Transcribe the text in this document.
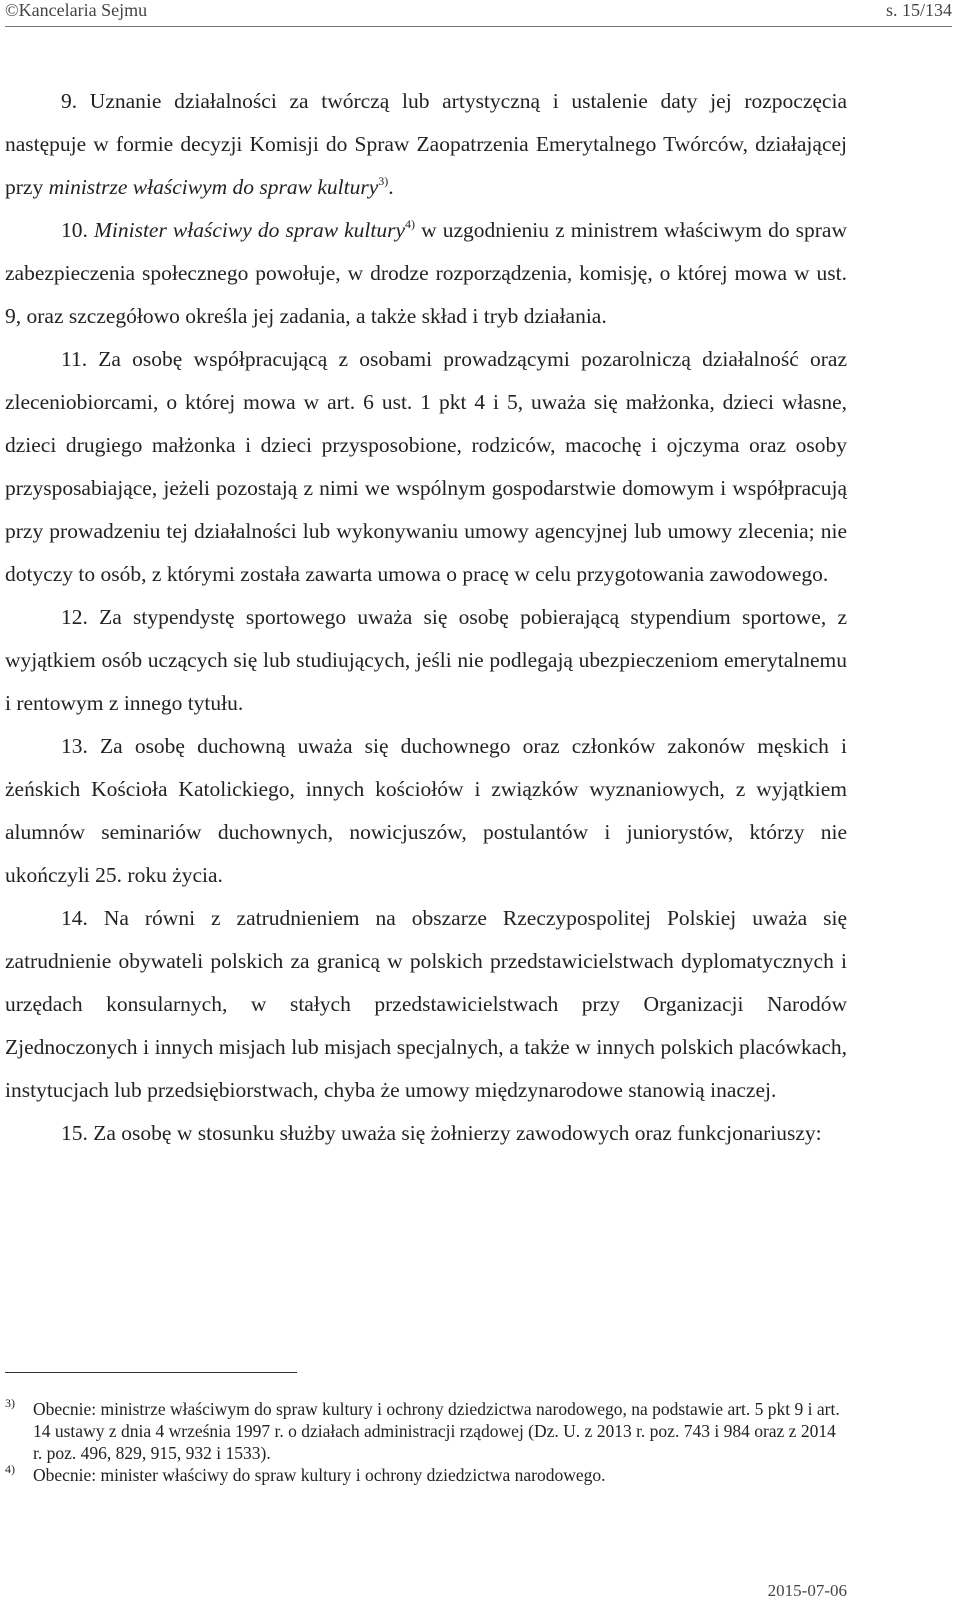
©Kancelaria Sejmu	s. 15/134

9. Uznanie działalności za twórczą lub artystyczną i ustalenie daty jej rozpoczęcia następuje w formie decyzji Komisji do Spraw Zaopatrzenia Emerytalnego Twórców, działającej przy ministrze właściwym do spraw kultury$^{3)}$.

10. Minister właściwy do spraw kultury$^{4)}$ w uzgodnieniu z ministrem właściwym do spraw zabezpieczenia społecznego powołuje, w drodze rozporządzenia, komisję, o której mowa w ust. 9, oraz szczegółowo określa jej zadania, a także skład i tryb działania.

11. Za osobę współpracującą z osobami prowadzącymi pozarolniczą działalność oraz zleceniobiorcami, o której mowa w art. 6 ust. 1 pkt 4 i 5, uważa się małżonka, dzieci własne, dzieci drugiego małżonka i dzieci przysposobione, rodziców, macochę i ojczyma oraz osoby przysposabiające, jeżeli pozostają z nimi we wspólnym gospodarstwie domowym i współpracują przy prowadzeniu tej działalności lub wykonywaniu umowy agencyjnej lub umowy zlecenia; nie dotyczy to osób, z którymi została zawarta umowa o pracę w celu przygotowania zawodowego.

12. Za stypendystę sportowego uważa się osobę pobierającą stypendium sportowe, z wyjątkiem osób uczących się lub studiujących, jeśli nie podlegają ubezpieczeniom emerytalnemu i rentowym z innego tytułu.

13. Za osobę duchowną uważa się duchownego oraz członków zakonów męskich i żeńskich Kościoła Katolickiego, innych kościołów i związków wyznaniowych, z wyjątkiem alumnów seminariów duchownych, nowicjuszów, postulantów i juniorystów, którzy nie ukończyli 25. roku życia.

14. Na równi z zatrudnieniem na obszarze Rzeczypospolitej Polskiej uważa się zatrudnienie obywateli polskich za granicą w polskich przedstawicielstwach dyplomatycznych i urzędach konsularnych, w stałych przedstawicielstwach przy Organizacji Narodów Zjednoczonych i innych misjach lub misjach specjalnych, a także w innych polskich placówkach, instytucjach lub przedsiębiorstwach, chyba że umowy międzynarodowe stanowią inaczej.

15. Za osobę w stosunku służby uważa się żołnierzy zawodowych oraz funkcjonariuszy:

3) Obecnie: ministrze właściwym do spraw kultury i ochrony dziedzictwa narodowego, na podstawie art. 5 pkt 9 i art. 14 ustawy z dnia 4 września 1997 r. o działach administracji rządowej (Dz. U. z 2013 r. poz. 743 i 984 oraz z 2014 r. poz. 496, 829, 915, 932 i 1533).
4) Obecnie: minister właściwy do spraw kultury i ochrony dziedzictwa narodowego.
2015-07-06
